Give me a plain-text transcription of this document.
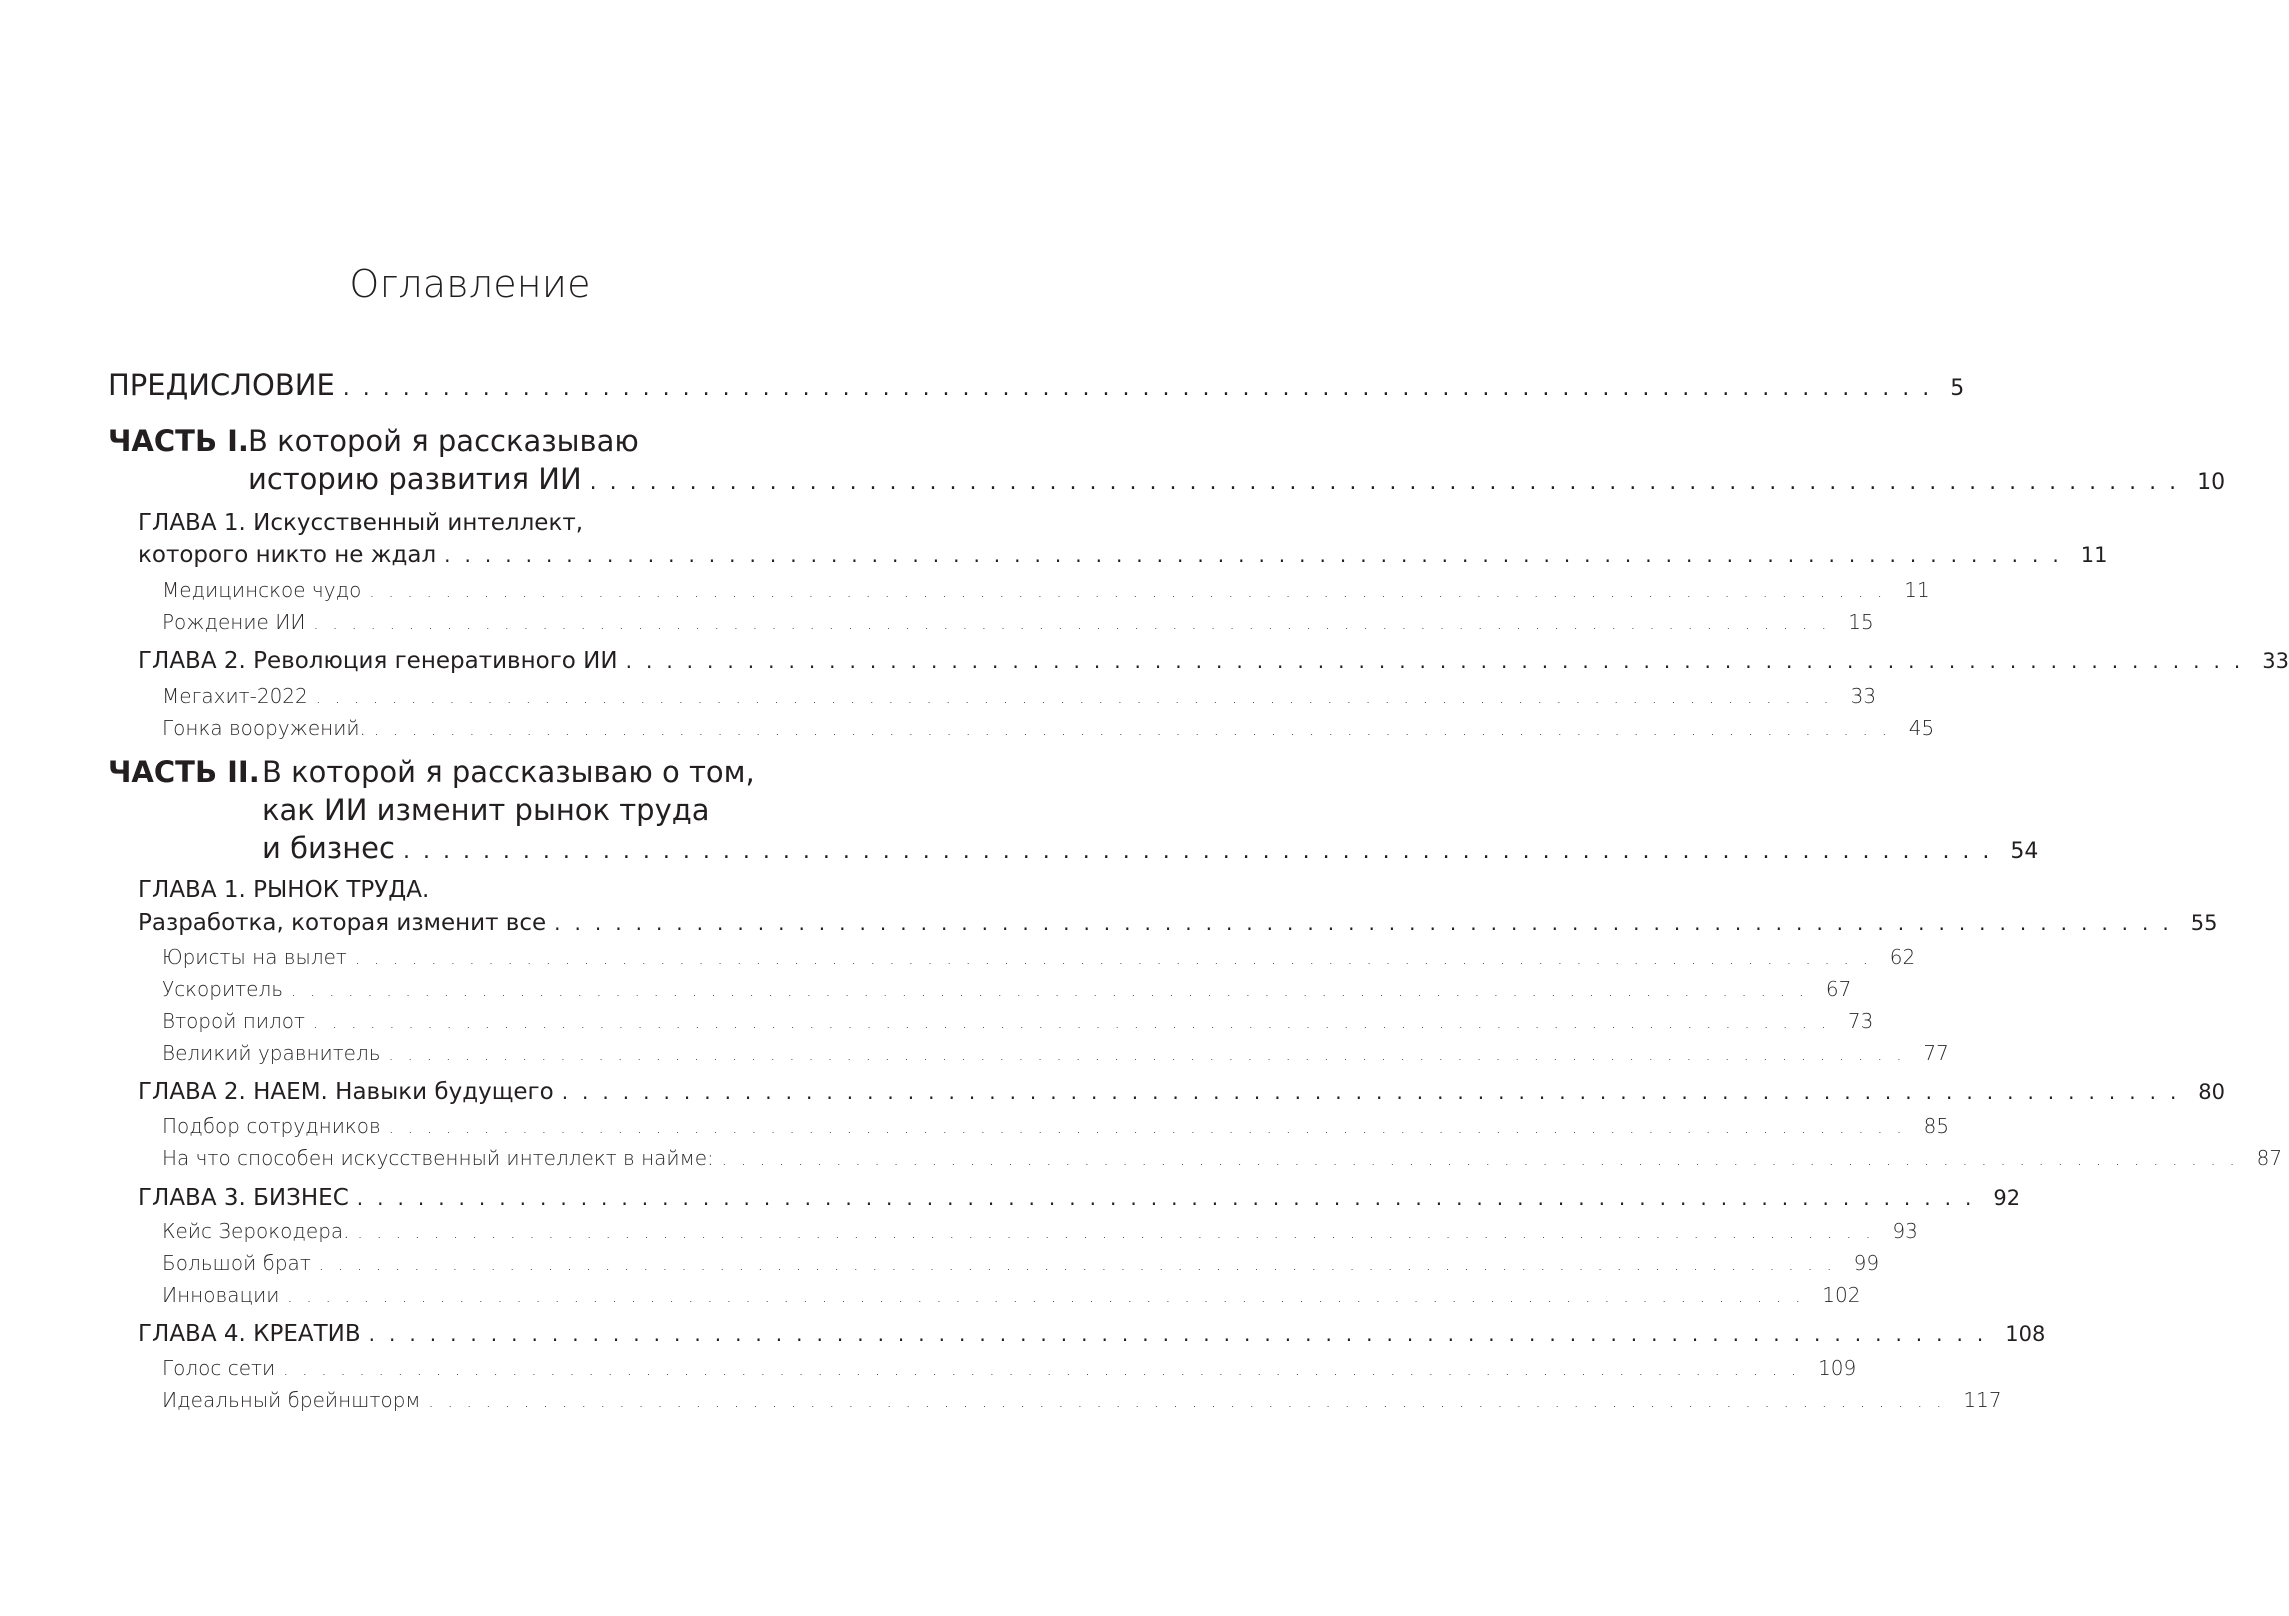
Оглавление
ПРЕДИСЛОВИЕ ................................................................................ 5
ЧАСТЬ I. В которой я рассказываю
историю развития ИИ ................................................................................ 10
ГЛАВА 1. Искусственный интеллект,
которого никто не ждал ................................................................................ 11
Медицинское чудо ................................................................................ 11
Рождение ИИ ................................................................................ 15
ГЛАВА 2. Революция генеративного ИИ ................................................................................ 33
Мегахит-2022 ................................................................................ 33
Гонка вооружений. ................................................................................ 45
ЧАСТЬ II. В которой я рассказываю о том,
как ИИ изменит рынок труда
и бизнес ................................................................................ 54
ГЛАВА 1. РЫНОК ТРУДА.
Разработка, которая изменит все ................................................................................ 55
Юристы на вылет ................................................................................ 62
Ускоритель ................................................................................ 67
Второй пилот ................................................................................ 73
Великий уравнитель ................................................................................ 77
ГЛАВА 2. НАЕМ. Навыки будущего ................................................................................ 80
Подбор сотрудников ................................................................................ 85
На что способен искусственный интеллект в найме: ................................................................................ 87
ГЛАВА 3. БИЗНЕС ................................................................................ 92
Кейс Зерокодера. ................................................................................ 93
Большой брат ................................................................................ 99
Инновации ................................................................................ 102
ГЛАВА 4. КРЕАТИВ ................................................................................ 108
Голос сети ................................................................................ 109
Идеальный брейншторм ................................................................................ 117
